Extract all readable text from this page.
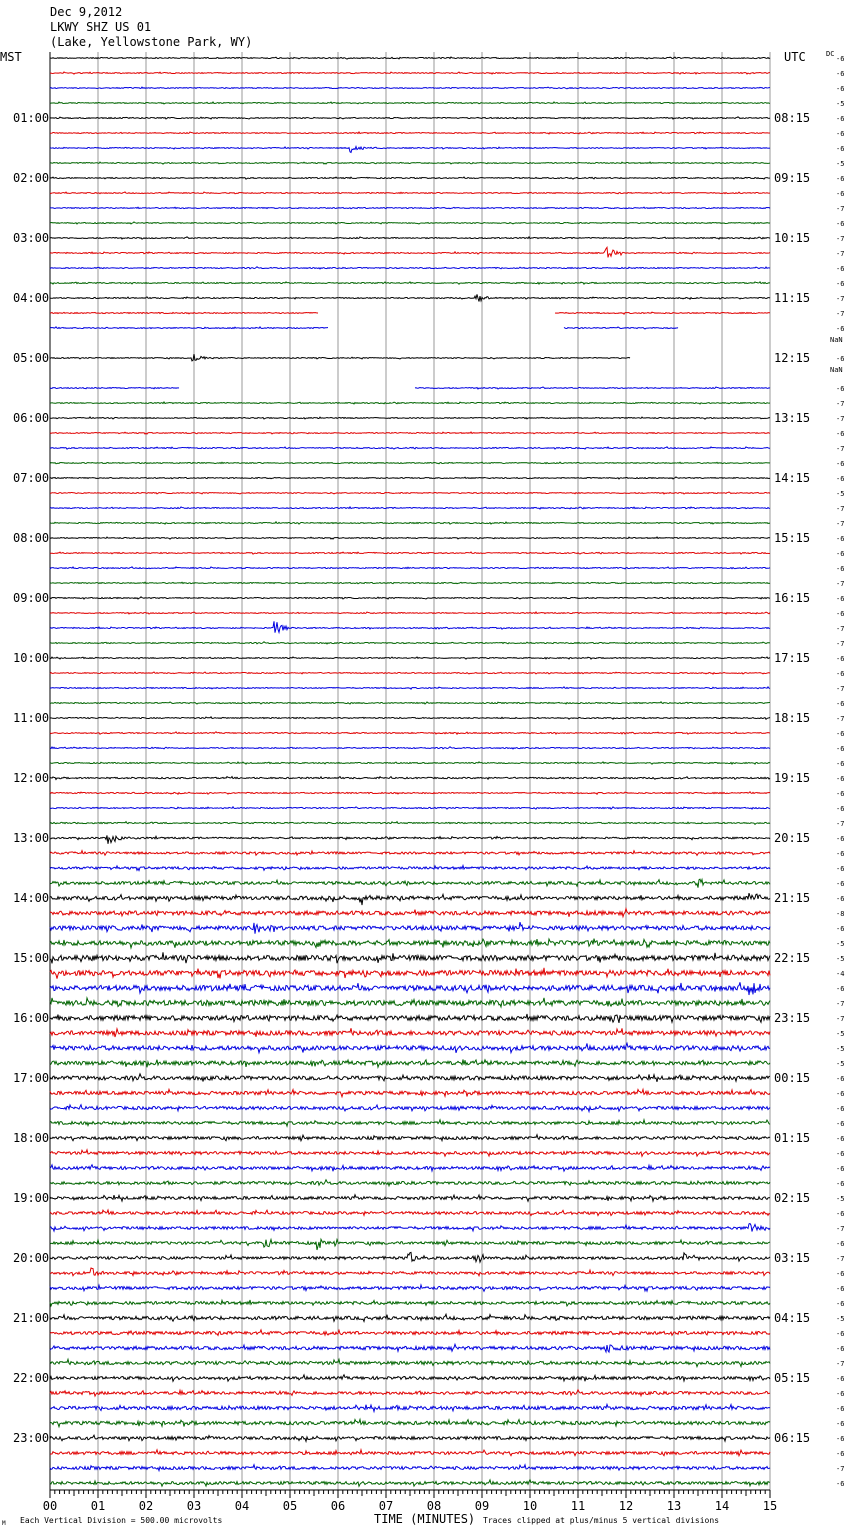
Dec 9,2012
LKWY SHZ US 01
(Lake, Yellowstone Park, WY)
MST	UTC
01:00
02:00
03:00
04:00
05:00
06:00
07:00
08:00
09:00
10:00
11:00
12:00
13:00
14:00
15:00
16:00
17:00
18:00
19:00
20:00
21:00
22:00
23:00
08:15
09:15
10:15
11:15
12:15
13:15
14:15
15:15
16:15
17:15
18:15
19:15
20:15
21:15
22:15
23:15
00:15
01:15
02:15
03:15
04:15
05:15
06:15
DC
-6
-6
-6
-5
-6
-6
-6
-5
-6
-6
-7
-6
-7
-7
-6
-6
-7
-7
-6
NaN
-6
NaN
-6
-7
-7
-6
-7
-6
-6
-5
-7
-7
-6
-6
-6
-7
-6
-6
-7
-7
-6
-6
-7
-6
-7
-6
-6
-6
-6
-6
-6
-7
-6
-6
-6
-6
-6
-8
-6
-5
-5
-4
-6
-7
-7
-5
-5
-5
-6
-6
-6
-6
-6
-6
-6
-6
-5
-6
-7
-6
-7
-6
-6
-6
-5
-6
-6
-7
-6
-6
-6
-6
-6
-6
-7
-6
00	01	02	03	04	05	06	07	08	09	10	11	12	13	14	15
M Each Vertical Division = 500.00 microvolts	TIME (MINUTES) Traces clipped at plus/minus 5 vertical divisions
